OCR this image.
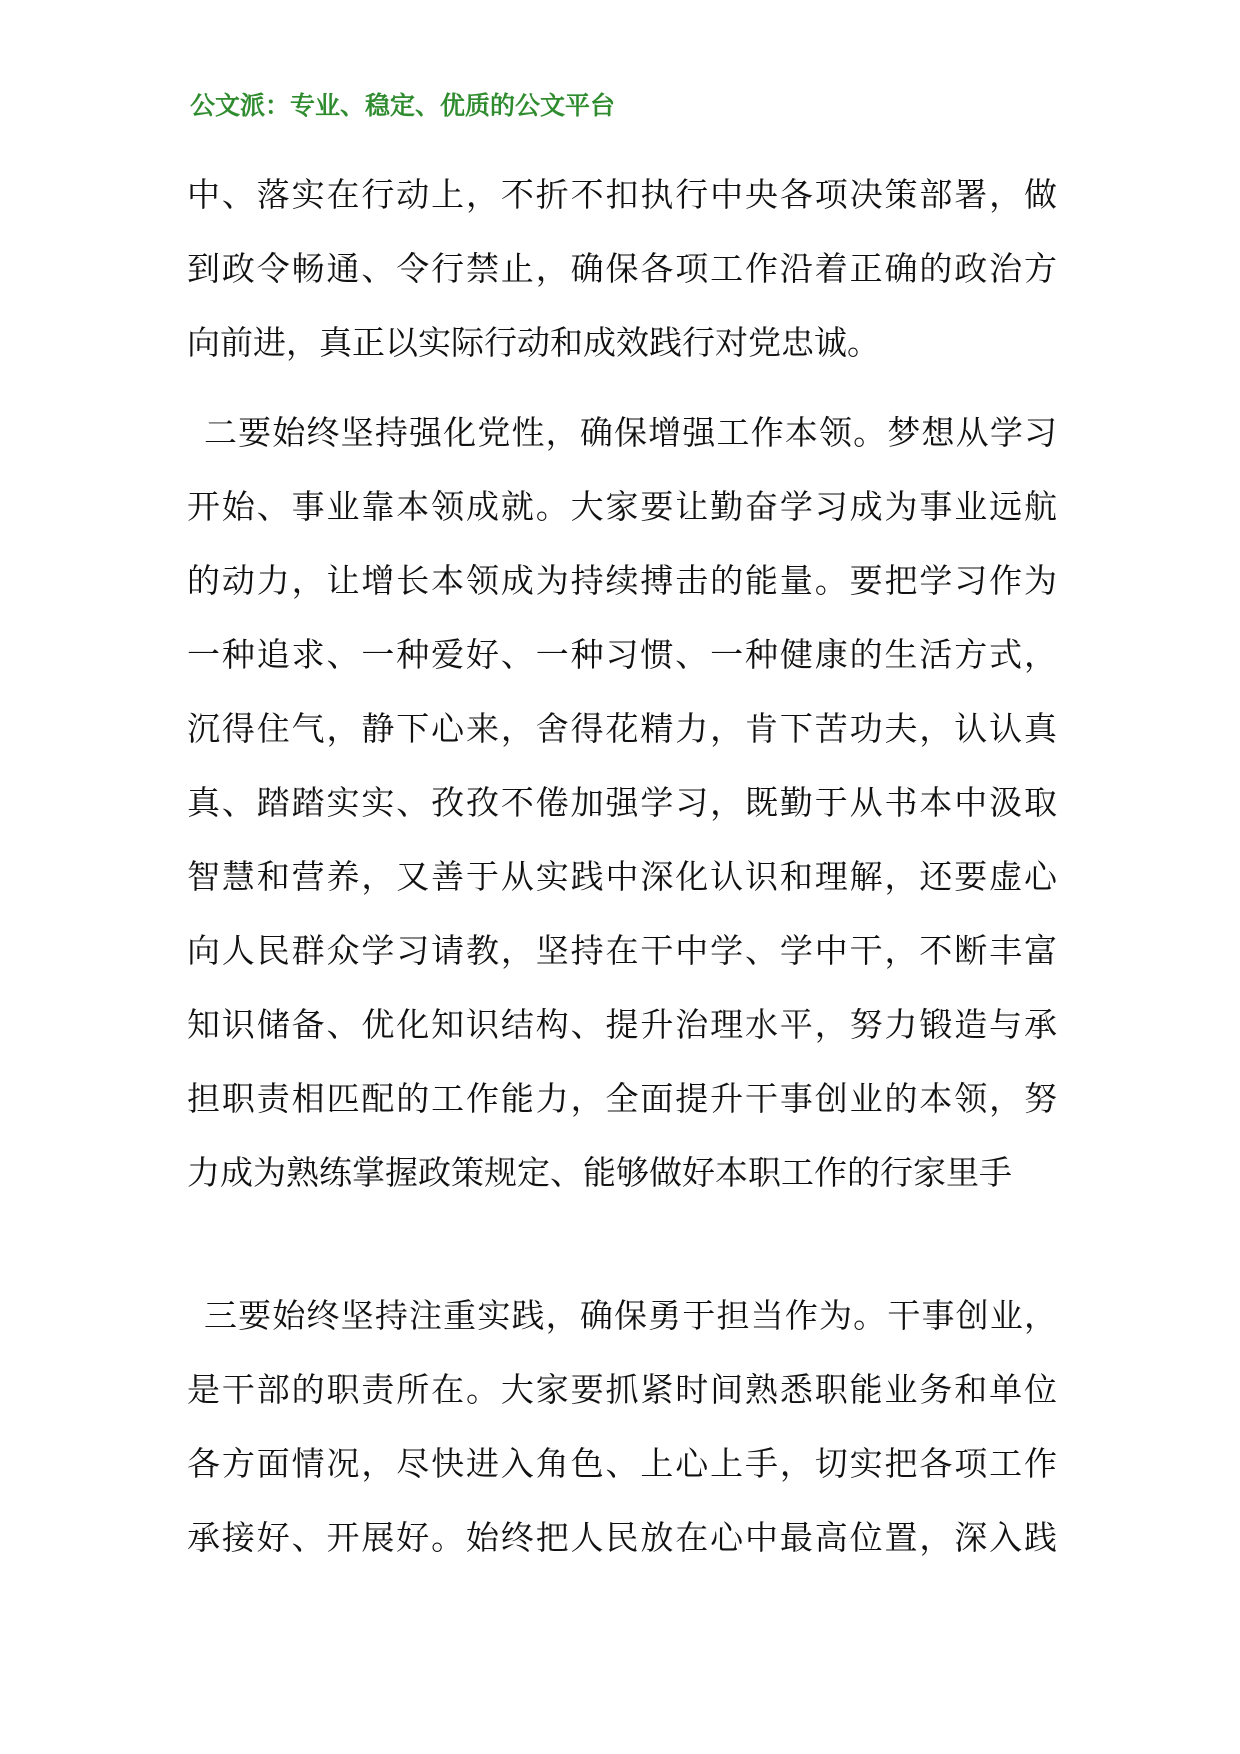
公文派：专业、稳定、优质的公文平台
中、落实在行动上，不折不扣执行中央各项决策部署，做
到政令畅通、令行禁止，确保各项工作沿着正确的政治方
向前进，真正以实际行动和成效践行对党忠诚。
二要始终坚持强化党性，确保增强工作本领。梦想从学习
开始、事业靠本领成就。大家要让勤奋学习成为事业远航
的动力，让增长本领成为持续搏击的能量。要把学习作为
一种追求、一种爱好、一种习惯、一种健康的生活方式，
沉得住气，静下心来，舍得花精力，肯下苦功夫，认认真
真、踏踏实实、孜孜不倦加强学习，既勤于从书本中汲取
智慧和营养，又善于从实践中深化认识和理解，还要虚心
向人民群众学习请教，坚持在干中学、学中干，不断丰富
知识储备、优化知识结构、提升治理水平，努力锻造与承
担职责相匹配的工作能力，全面提升干事创业的本领，努
力成为熟练掌握政策规定、能够做好本职工作的行家里手
三要始终坚持注重实践，确保勇于担当作为。干事创业，
是干部的职责所在。大家要抓紧时间熟悉职能业务和单位
各方面情况，尽快进入角色、上心上手，切实把各项工作
承接好、开展好。始终把人民放在心中最高位置，深入践
